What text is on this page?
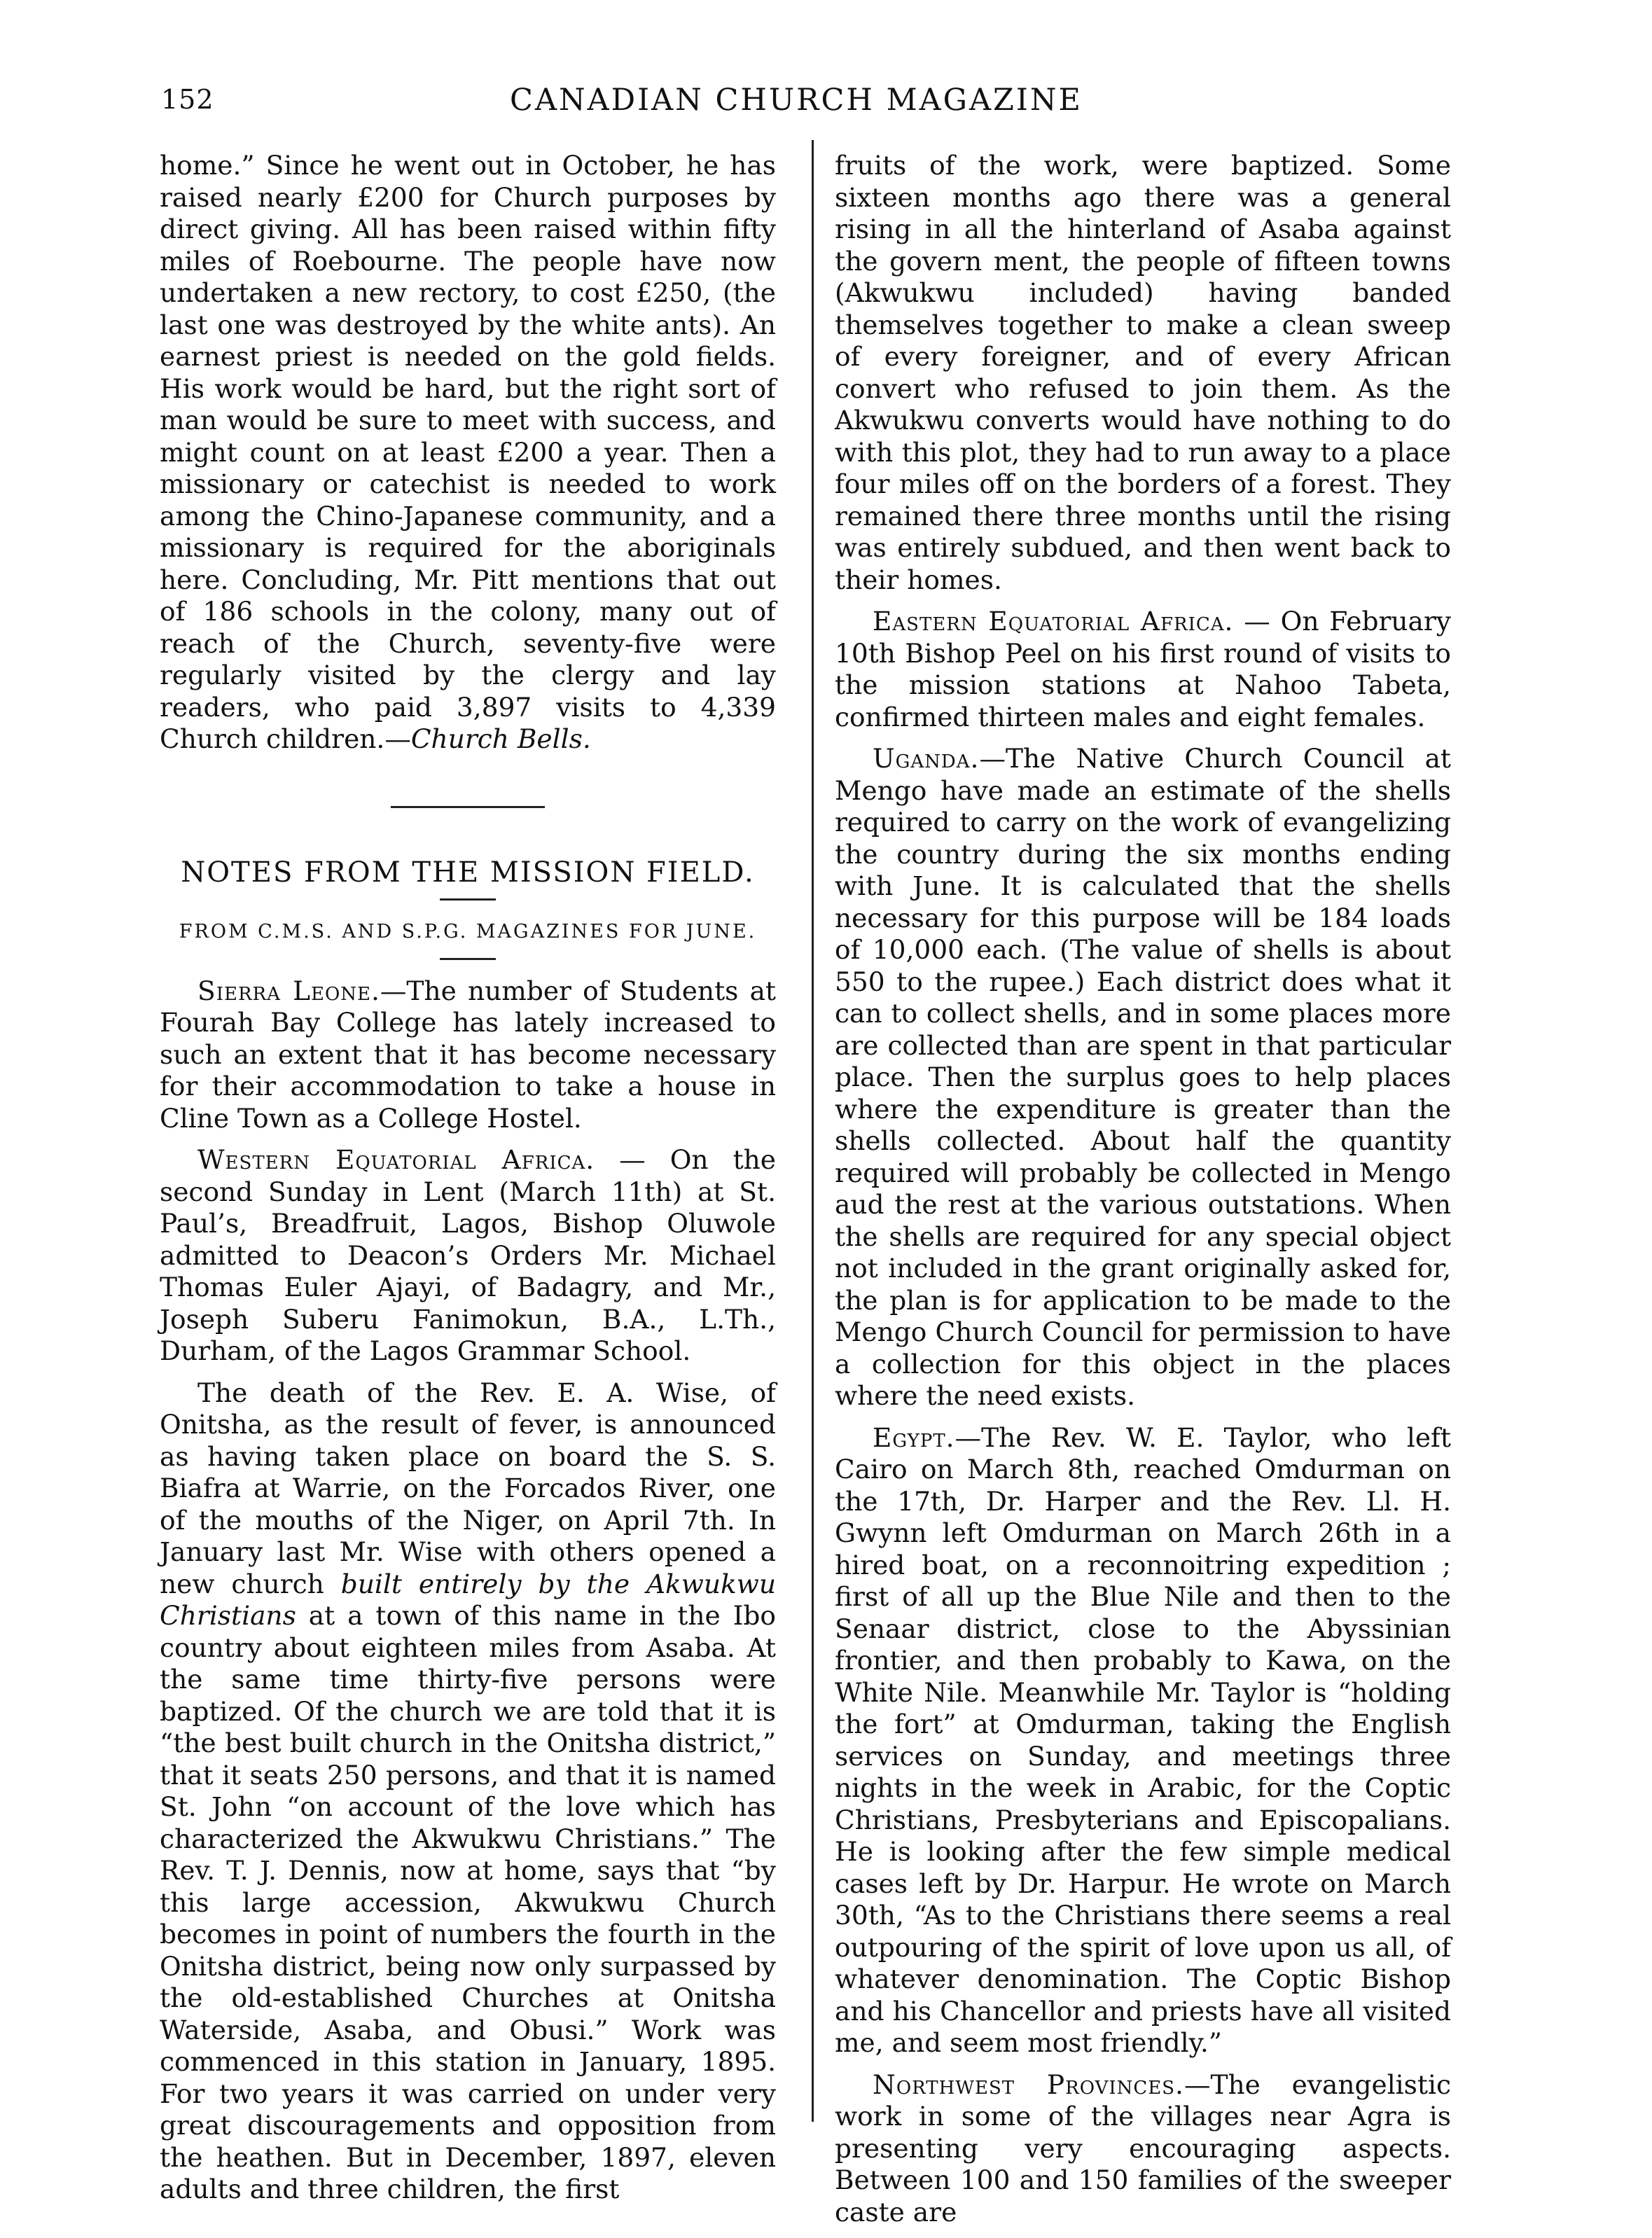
152	CANADIAN CHURCH MAGAZINE

home.” Since he went out in October, he has raised nearly £200 for Church purposes by direct giving. All has been raised within fifty miles of Roebourne. The people have now undertaken a new rectory, to cost £250, (the last one was destroyed by the white ants). An earnest priest is needed on the gold fields. His work would be hard, but the right sort of man would be sure to meet with success, and might count on at least £200 a year. Then a missionary or catechist is needed to work among the Chino-Japanese community, and a missionary is required for the aboriginals here. Concluding, Mr. Pitt mentions that out of 186 schools in the colony, many out of reach of the Church, seventy-five were regularly visited by the clergy and lay readers, who paid 3,897 visits to 4,339 Church children.—Church Bells.

NOTES FROM THE MISSION FIELD.
FROM C.M.S. AND S.P.G. MAGAZINES FOR JUNE.

Sierra Leone.—The number of Students at Fourah Bay College has lately increased to such an extent that it has become necessary for their accommodation to take a house in Cline Town as a College Hostel.

Western Equatorial Africa. — On the second Sunday in Lent (March 11th) at St. Paul’s, Breadfruit, Lagos, Bishop Oluwole admitted to Deacon’s Orders Mr. Michael Thomas Euler Ajayi, of Badagry, and Mr., Joseph Suberu Fanimokun, B.A., L.Th., Durham, of the Lagos Grammar School.

The death of the Rev. E. A. Wise, of Onitsha, as the result of fever, is announced as having taken place on board the S. S. Biafra at Warrie, on the Forcados River, one of the mouths of the Niger, on April 7th. In January last Mr. Wise with others opened a new church built entirely by the Akwukwu Christians at a town of this name in the Ibo country about eighteen miles from Asaba. At the same time thirty-five persons were baptized. Of the church we are told that it is “the best built church in the Onitsha district,” that it seats 250 persons, and that it is named St. John “on account of the love which has characterized the Akwukwu Christians.” The Rev. T. J. Dennis, now at home, says that “by this large accession, Akwukwu Church becomes in point of numbers the fourth in the Onitsha district, being now only surpassed by the old-established Churches at Onitsha Waterside, Asaba, and Obusi.” Work was commenced in this station in January, 1895. For two years it was carried on under very great discouragements and opposition from the heathen. But in December, 1897, eleven adults and three children, the first

fruits of the work, were baptized. Some sixteen months ago there was a general rising in all the hinterland of Asaba against the govern ment, the people of fifteen towns (Akwukwu included) having banded themselves together to make a clean sweep of every foreigner, and of every African convert who refused to join them. As the Akwukwu converts would have nothing to do with this plot, they had to run away to a place four miles off on the borders of a forest. They remained there three months until the rising was entirely subdued, and then went back to their homes.

Eastern Equatorial Africa. — On February 10th Bishop Peel on his first round of visits to the mission stations at Nahoo Tabeta, confirmed thirteen males and eight females.

Uganda.—The Native Church Council at Mengo have made an estimate of the shells required to carry on the work of evangelizing the country during the six months ending with June. It is calculated that the shells necessary for this purpose will be 184 loads of 10,000 each. (The value of shells is about 550 to the rupee.) Each district does what it can to collect shells, and in some places more are collected than are spent in that particular place. Then the surplus goes to help places where the expenditure is greater than the shells collected. About half the quantity required will probably be collected in Mengo aud the rest at the various outstations. When the shells are required for any special object not included in the grant originally asked for, the plan is for application to be made to the Mengo Church Council for permission to have a collection for this object in the places where the need exists.

Egypt.—The Rev. W. E. Taylor, who left Cairo on March 8th, reached Omdurman on the 17th, Dr. Harper and the Rev. Ll. H. Gwynn left Omdurman on March 26th in a hired boat, on a reconnoitring expedition ; first of all up the Blue Nile and then to the Senaar district, close to the Abyssinian frontier, and then probably to Kawa, on the White Nile. Meanwhile Mr. Taylor is “holding the fort” at Omdurman, taking the English services on Sunday, and meetings three nights in the week in Arabic, for the Coptic Christians, Presbyterians and Episcopalians. He is looking after the few simple medical cases left by Dr. Harpur. He wrote on March 30th, “As to the Christians there seems a real outpouring of the spirit of love upon us all, of whatever denomination. The Coptic Bishop and his Chancellor and priests have all visited me, and seem most friendly.”

Northwest Provinces.—The evangelistic work in some of the villages near Agra is presenting very encouraging aspects. Between 100 and 150 families of the sweeper caste are
